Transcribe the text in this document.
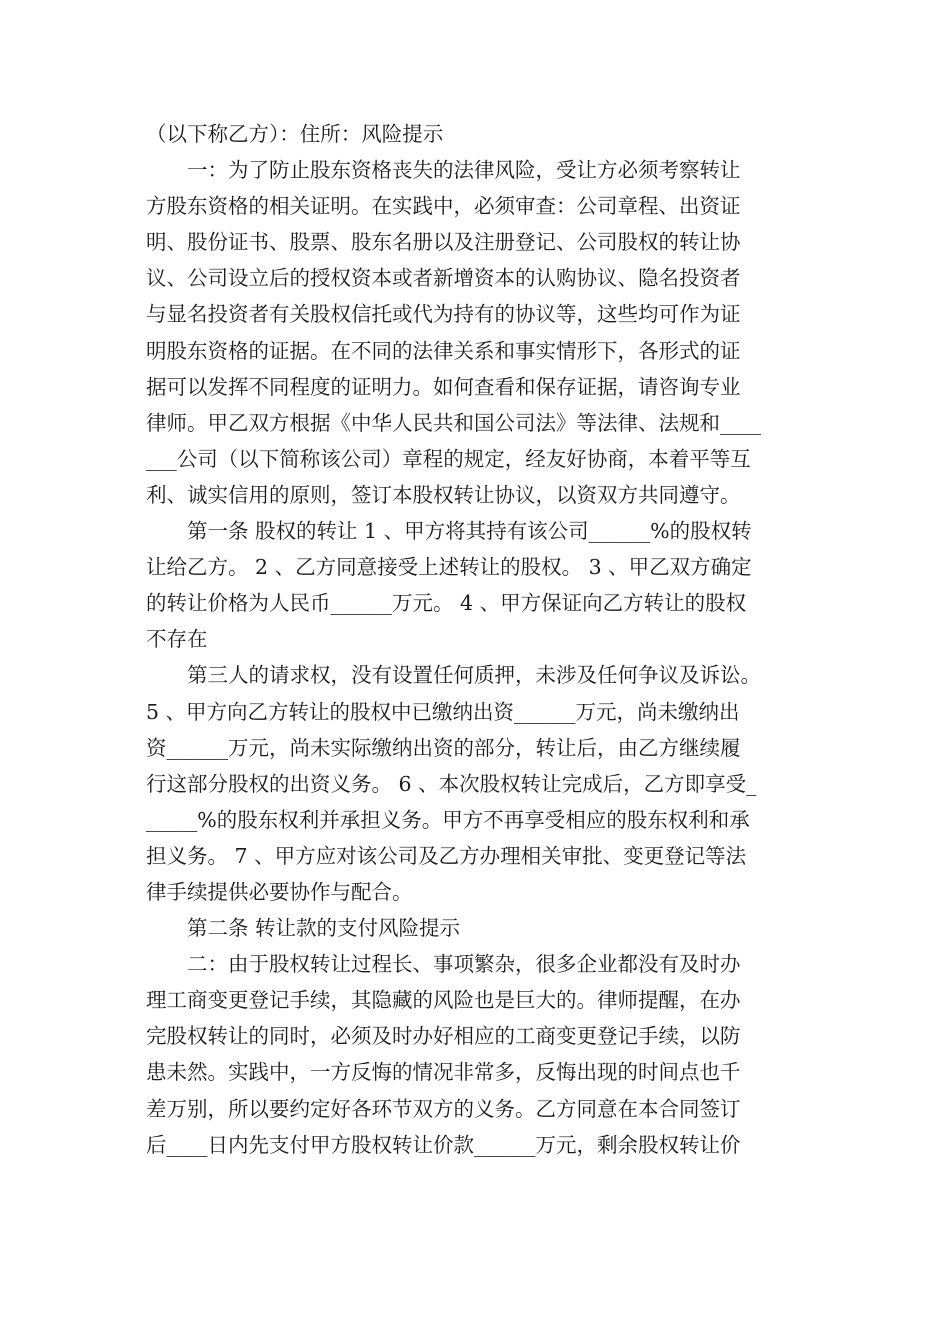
（以下称乙方）：住所：风险提示
　　一：为了防止股东资格丧失的法律风险，受让方必须考察转让
方股东资格的相关证明。在实践中，必须审查：公司章程、出资证
明、股份证书、股票、股东名册以及注册登记、公司股权的转让协
议、公司设立后的授权资本或者新增资本的认购协议、隐名投资者
与显名投资者有关股权信托或代为持有的协议等，这些均可作为证
明股东资格的证据。在不同的法律关系和事实情形下，各形式的证
据可以发挥不同程度的证明力。如何查看和保存证据，请咨询专业
律师。甲乙双方根据《中华人民共和国公司法》等法律、法规和____
___公司（以下简称该公司）章程的规定，经友好协商，本着平等互
利、诚实信用的原则，签订本股权转让协议，以资双方共同遵守。
　　第一条 股权的转让 1 、甲方将其持有该公司______%的股权转
让给乙方。 2 、乙方同意接受上述转让的股权。 3 、甲乙双方确定
的转让价格为人民币______万元。 4 、甲方保证向乙方转让的股权
不存在
　　第三人的请求权，没有设置任何质押，未涉及任何争议及诉讼。
5 、甲方向乙方转让的股权中已缴纳出资______万元，尚未缴纳出
资______万元，尚未实际缴纳出资的部分，转让后，由乙方继续履
行这部分股权的出资义务。 6 、本次股权转让完成后，乙方即享受_
_____%的股东权利并承担义务。甲方不再享受相应的股东权利和承
担义务。 7 、甲方应对该公司及乙方办理相关审批、变更登记等法
律手续提供必要协作与配合。
　　第二条 转让款的支付风险提示
　　二：由于股权转让过程长、事项繁杂，很多企业都没有及时办
理工商变更登记手续，其隐藏的风险也是巨大的。律师提醒，在办
完股权转让的同时，必须及时办好相应的工商变更登记手续，以防
患未然。实践中，一方反悔的情况非常多，反悔出现的时间点也千
差万别，所以要约定好各环节双方的义务。乙方同意在本合同签订
后____日内先支付甲方股权转让价款______万元，剩余股权转让价
